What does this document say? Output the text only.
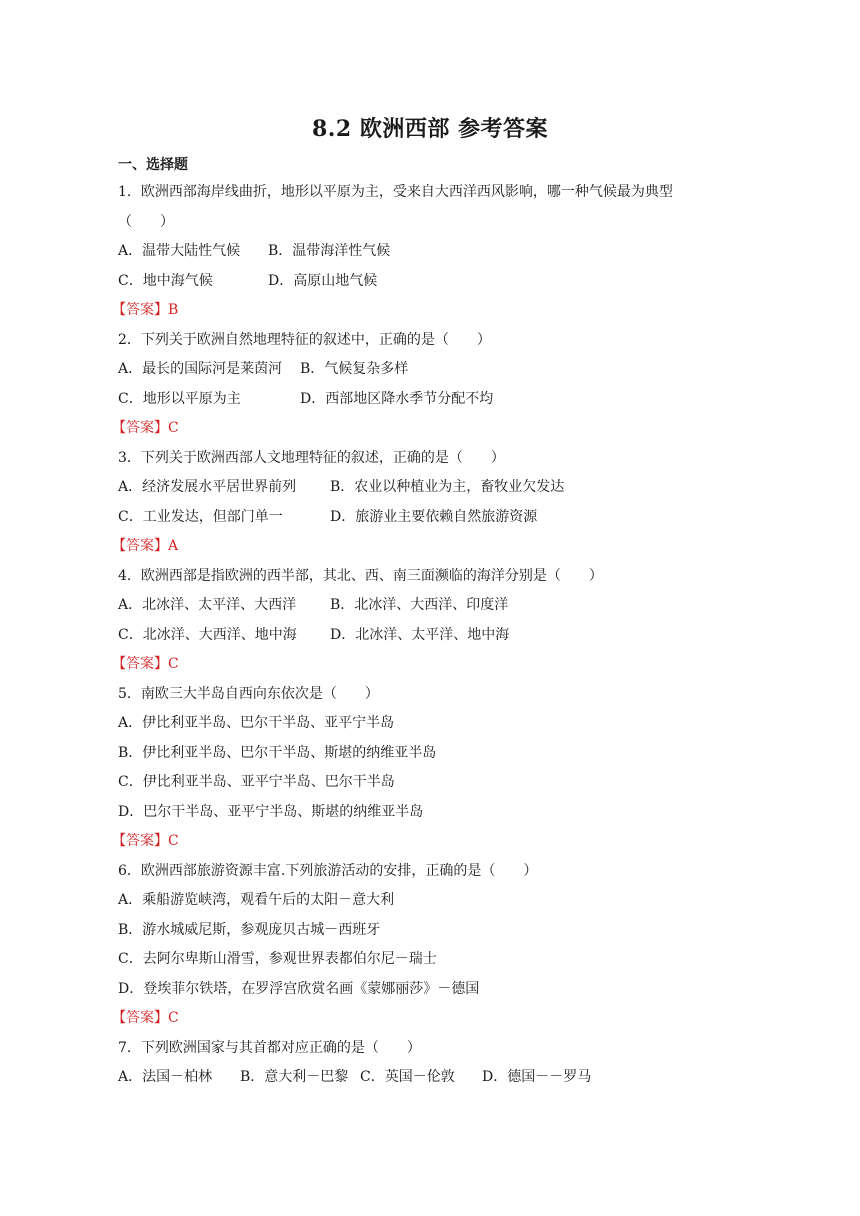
8.2 欧洲西部 参考答案
一、选择题
1．欧洲西部海岸线曲折，地形以平原为主，受来自大西洋西风影响，哪一种气候最为典型
（　　）
A．温带大陆性气候 B．温带海洋性气候
C．地中海气候	D．高原山地气候
【答案】B
2．下列关于欧洲自然地理特征的叙述中，正确的是（　　）
A．最长的国际河是莱茵河 B．气候复杂多样
C．地形以平原为主	D．西部地区降水季节分配不均
【答案】C
3．下列关于欧洲西部人文地理特征的叙述，正确的是（　　）
A．经济发展水平居世界前列 B．农业以种植业为主，畜牧业欠发达
C．工业发达，但部门单一	D．旅游业主要依赖自然旅游资源
【答案】A
4．欧洲西部是指欧洲的西半部，其北、西、南三面濒临的海洋分别是（　　）
A．北冰洋、太平洋、大西洋 B．北冰洋、大西洋、印度洋
C．北冰洋、大西洋、地中海 D．北冰洋、太平洋、地中海
【答案】C
5．南欧三大半岛自西向东依次是（　　）
A．伊比利亚半岛、巴尔干半岛、亚平宁半岛
B．伊比利亚半岛、巴尔干半岛、斯堪的纳维亚半岛
C．伊比利亚半岛、亚平宁半岛、巴尔干半岛
D．巴尔干半岛、亚平宁半岛、斯堪的纳维亚半岛
【答案】C
6．欧洲西部旅游资源丰富.下列旅游活动的安排，正确的是（　　）
A．乘船游览峡湾，观看午后的太阳－意大利
B．游水城威尼斯，参观庞贝古城－西班牙
C．去阿尔卑斯山滑雪，参观世界表都伯尔尼－瑞士
D．登埃菲尔铁塔，在罗浮宫欣赏名画《蒙娜丽莎》－德国
【答案】C
7．下列欧洲国家与其首都对应正确的是（　　）
A．法国－柏林 B．意大利－巴黎 C．英国－伦敦 D．德国－－罗马
